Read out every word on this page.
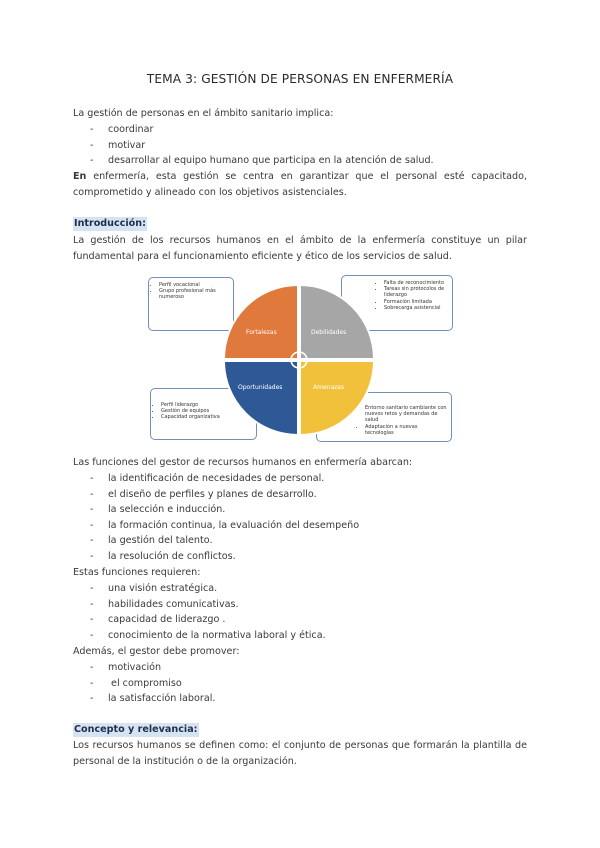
TEMA 3: GESTIÓN DE PERSONAS EN ENFERMERÍA

La gestión de personas en el ámbito sanitario implica:

- coordinar
- motivar
- desarrollar al equipo humano que participa en la atención de salud.

En enfermería, esta gestión se centra en garantizar que el personal esté capacitado, comprometido y alineado con los objetivos asistenciales.

Introducción:

La gestión de los recursos humanos en el ámbito de la enfermería constituye un pilar fundamental para el funcionamiento eficiente y ético de los servicios de salud.

• Perfil vocacional
• Grupo profesional más numeroso
• Falta de reconocimiento
• Tareas sin protocolos de liderazgo
• Formación limitada
• Sobrecarga asistencial
• Perfil liderazgo
• Gestión de equipos
• Capacidad organizativa
• Entorno sanitario cambiante con nuevos retos y demandas de salud
• Adaptación a nuevas tecnologías
Fortalezas	Debilidades
Oportunidades	Amenazas

Las funciones del gestor de recursos humanos en enfermería abarcan:

- la identificación de necesidades de personal.
- el diseño de perfiles y planes de desarrollo.
- la selección e inducción.
- la formación continua, la evaluación del desempeño
- la gestión del talento.
- la resolución de conflictos.

Estas funciones requieren:

- una visión estratégica.
- habilidades comunicativas.
- capacidad de liderazgo .
- conocimiento de la normativa laboral y ética.

Además, el gestor debe promover:

- motivación
-  el compromiso
- la satisfacción laboral.
Concepto y relevancia:

Los recursos humanos se definen como: el conjunto de personas que formarán la plantilla de personal de la institución o de la organización.
